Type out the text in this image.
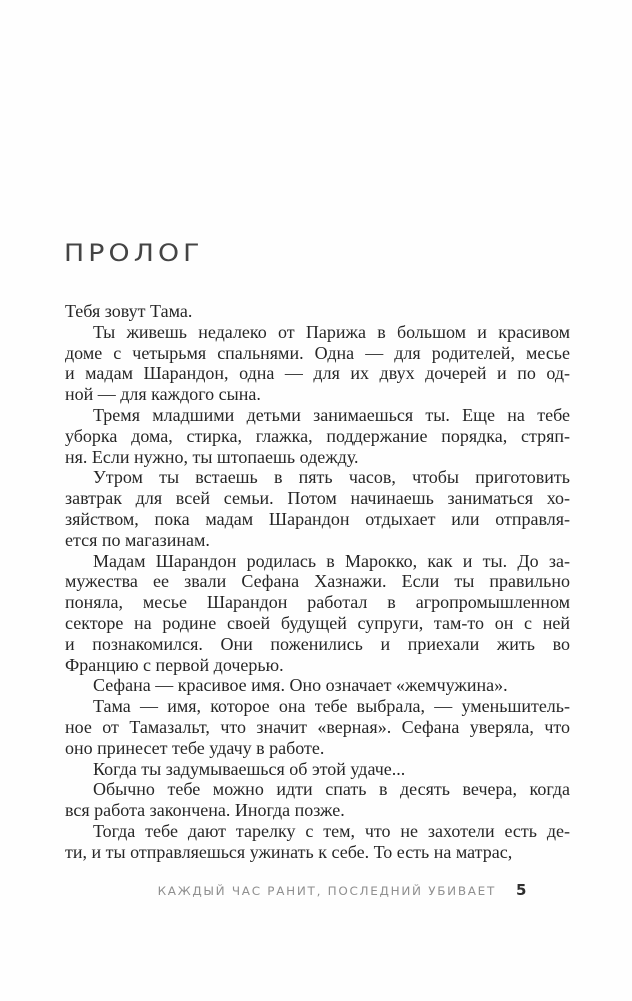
ПРОЛОГ
Тебя зовут Тама.
Ты живешь недалеко от Парижа в большом и красивом
доме с четырьмя спальнями. Одна — для родителей, месье
и мадам Шарандон, одна — для их двух дочерей и по од-
ной — для каждого сына.
Тремя младшими детьми занимаешься ты. Еще на тебе
уборка дома, стирка, глажка, поддержание порядка, стряп-
ня. Если нужно, ты штопаешь одежду.
Утром ты встаешь в пять часов, чтобы приготовить
завтрак для всей семьи. Потом начинаешь заниматься хо-
зяйством, пока мадам Шарандон отдыхает или отправля-
ется по магазинам.
Мадам Шарандон родилась в Марокко, как и ты. До за-
мужества ее звали Сефана Хазнажи. Если ты правильно
поняла, месье Шарандон работал в агропромышленном
секторе на родине своей будущей супруги, там-то он с ней
и познакомился. Они поженились и приехали жить во
Францию с первой дочерью.
Сефана — красивое имя. Оно означает «жемчужина».
Тама — имя, которое она тебе выбрала, — уменьшитель-
ное от Тамазальт, что значит «верная». Сефана уверяла, что
оно принесет тебе удачу в работе.
Когда ты задумываешься об этой удаче...
Обычно тебе можно идти спать в десять вечера, когда
вся работа закончена. Иногда позже.
Тогда тебе дают тарелку с тем, что не захотели есть де-
ти, и ты отправляешься ужинать к себе. То есть на матрас,
КАЖДЫЙ ЧАС РАНИТ, ПОСЛЕДНИЙ УБИВАЕТ 5
